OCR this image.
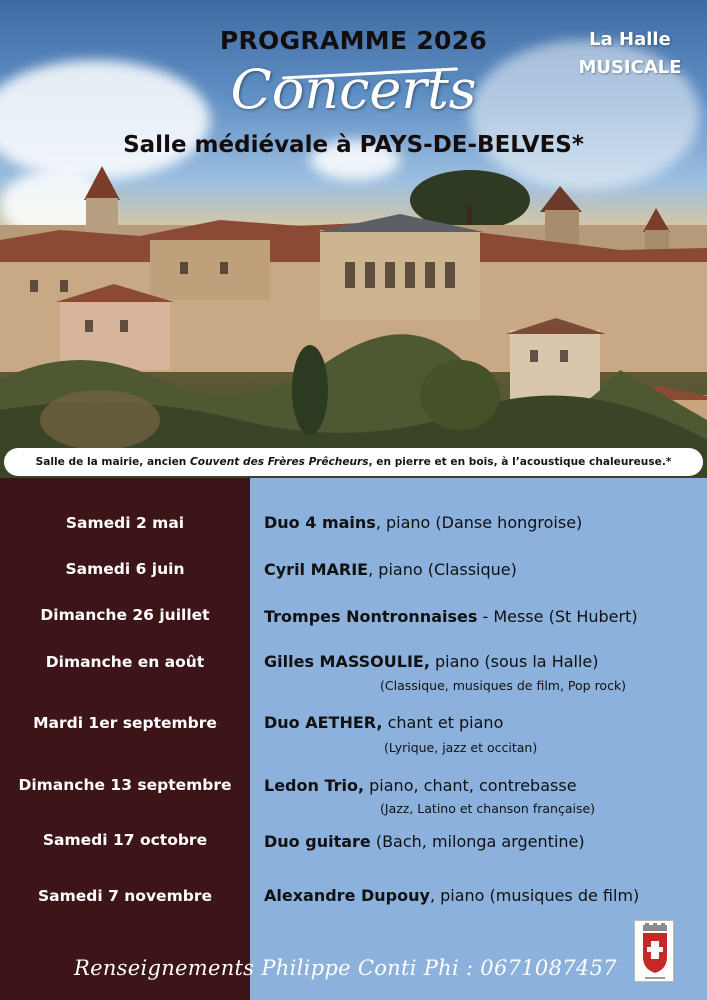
PROGRAMME 2026
Concerts
Salle médiévale à PAYS-DE-BELVES*
La Halle
MUSICALE
Salle de la mairie, ancien Couvent des Frères Prêcheurs, en pierre et en bois, à l’acoustique chaleureuse.*
Samedi 2 mai	Duo 4 mains, piano (Danse hongroise)
Samedi 6 juin	Cyril MARIE, piano (Classique)
Dimanche 26 juillet	Trompes Nontronnaises - Messe (St Hubert)
Dimanche en août	Gilles MASSOULIE, piano (sous la Halle)
(Classique, musiques de film, Pop rock)
Mardi 1er septembre	Duo AETHER, chant et piano
(Lyrique, jazz et occitan)
Dimanche 13 septembre	Ledon Trio, piano, chant, contrebasse
(Jazz, Latino et chanson française)
Samedi 17 octobre	Duo guitare (Bach, milonga argentine)
Samedi 7 novembre	Alexandre Dupouy, piano (musiques de film)
Renseignements Philippe Conti Phi : 0671087457
